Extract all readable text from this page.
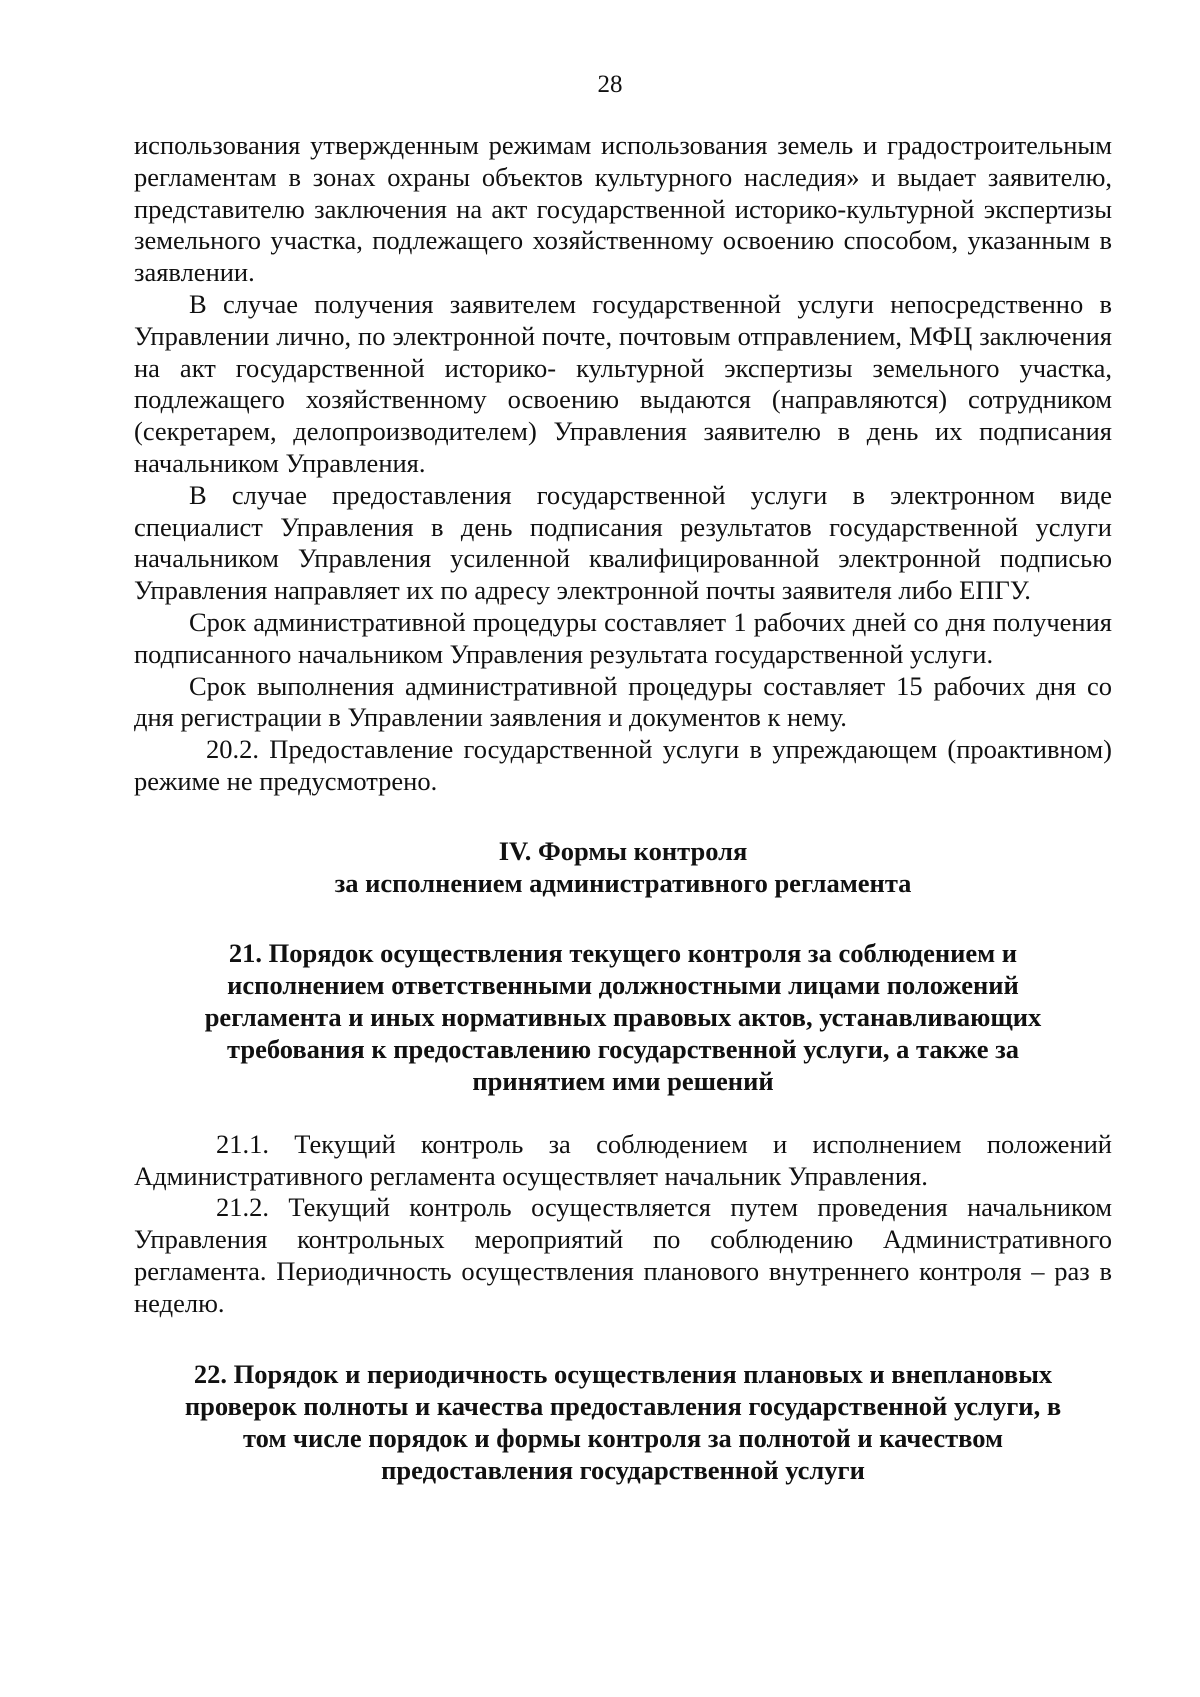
28

использования утвержденным режимам использования земель и градостроительным регламентам в зонах охраны объектов культурного наследия» и выдает заявителю, представителю заключения на акт государственной историко-культурной экспертизы земельного участка, подлежащего хозяйственному освоению способом, указанным в заявлении.

В случае получения заявителем государственной услуги непосредственно в Управлении лично, по электронной почте, почтовым отправлением, МФЦ заключения на акт государственной историко- культурной экспертизы земельного участка, подлежащего хозяйственному освоению выдаются (направляются) сотрудником (секретарем, делопроизводителем) Управления заявителю в день их подписания начальником Управления.

В случае предоставления государственной услуги в электронном виде специалист Управления в день подписания результатов государственной услуги начальником Управления усиленной квалифицированной электронной подписью Управления направляет их по адресу электронной почты заявителя либо ЕПГУ.

Срок административной процедуры составляет 1 рабочих дней со дня получения подписанного начальником Управления результата государственной услуги.

Срок выполнения административной процедуры составляет 15 рабочих дня со дня регистрации в Управлении заявления и документов к нему.

20.2. Предоставление государственной услуги в упреждающем (проактивном) режиме не предусмотрено.

IV. Формы контроля
за исполнением административного регламента
21. Порядок осуществления текущего контроля за соблюдением и
исполнением ответственными должностными лицами положений
регламента и иных нормативных правовых актов, устанавливающих
требования к предоставлению государственной услуги, а также за
принятием ими решений

21.1. Текущий контроль за соблюдением и исполнением положений Административного регламента осуществляет начальник Управления.

21.2. Текущий контроль осуществляется путем проведения начальником Управления контрольных мероприятий по соблюдению Административного регламента. Периодичность осуществления планового внутреннего контроля – раз в неделю.

22. Порядок и периодичность осуществления плановых и внеплановых
проверок полноты и качества предоставления государственной услуги, в
том числе порядок и формы контроля за полнотой и качеством
предоставления государственной услуги
